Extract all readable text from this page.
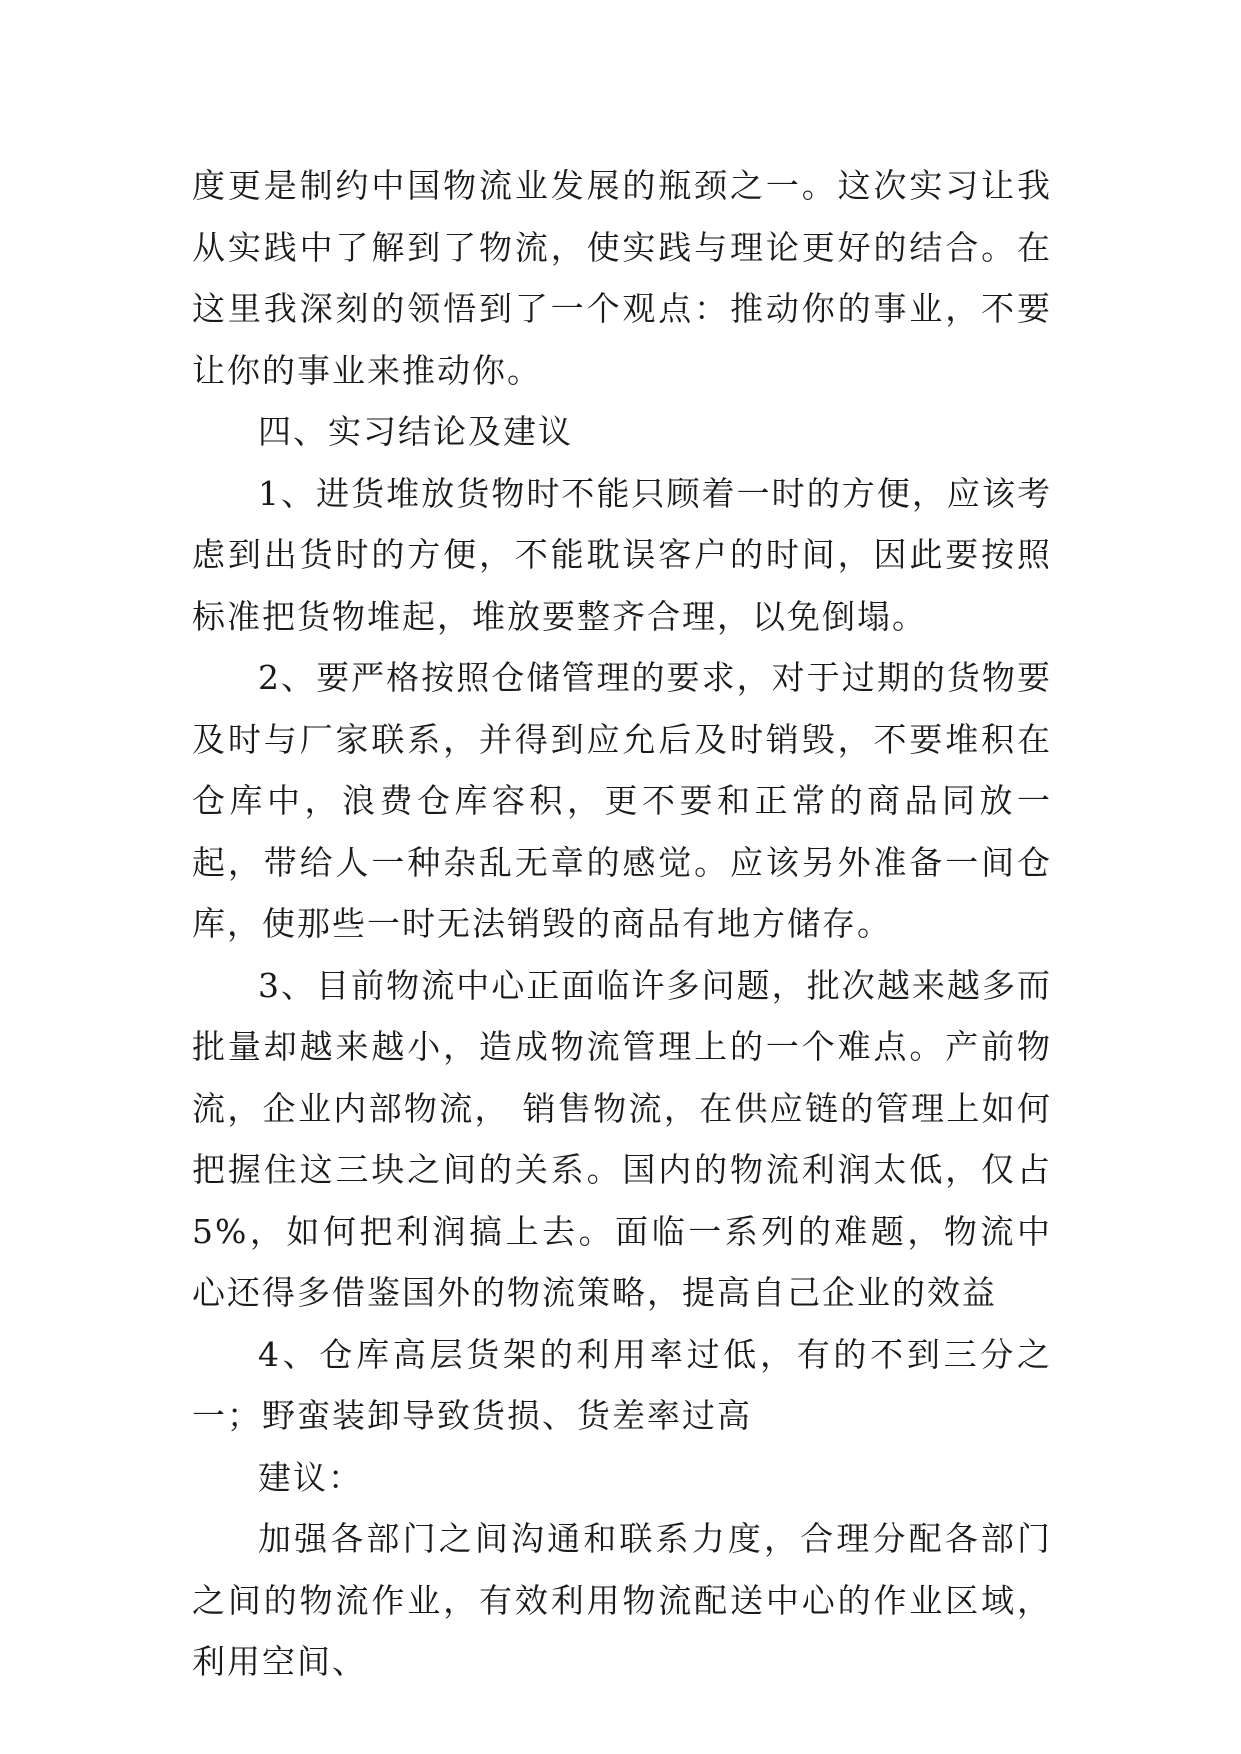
度更是制约中国物流业发展的瓶颈之一。这次实习让我从实践中了解到了物流，使实践与理论更好的结合。在这里我深刻的领悟到了一个观点：推动你的事业，不要让你的事业来推动你。

四、实习结论及建议

1、进货堆放货物时不能只顾着一时的方便，应该考虑到出货时的方便，不能耽误客户的时间，因此要按照标准把货物堆起，堆放要整齐合理，以免倒塌。

2、要严格按照仓储管理的要求，对于过期的货物要及时与厂家联系，并得到应允后及时销毁，不要堆积在仓库中，浪费仓库容积，更不要和正常的商品同放一起，带给人一种杂乱无章的感觉。应该另外准备一间仓库，使那些一时无法销毁的商品有地方储存。

3、目前物流中心正面临许多问题，批次越来越多而批量却越来越小，造成物流管理上的一个难点。产前物流，企业内部物流， 销售物流，在供应链的管理上如何把握住这三块之间的关系。国内的物流利润太低，仅占5%，如何把利润搞上去。面临一系列的难题，物流中心还得多借鉴国外的物流策略，提高自己企业的效益

4、仓库高层货架的利用率过低，有的不到三分之一；野蛮装卸导致货损、货差率过高

建议：

加强各部门之间沟通和联系力度，合理分配各部门之间的物流作业，有效利用物流配送中心的作业区域，利用空间、
